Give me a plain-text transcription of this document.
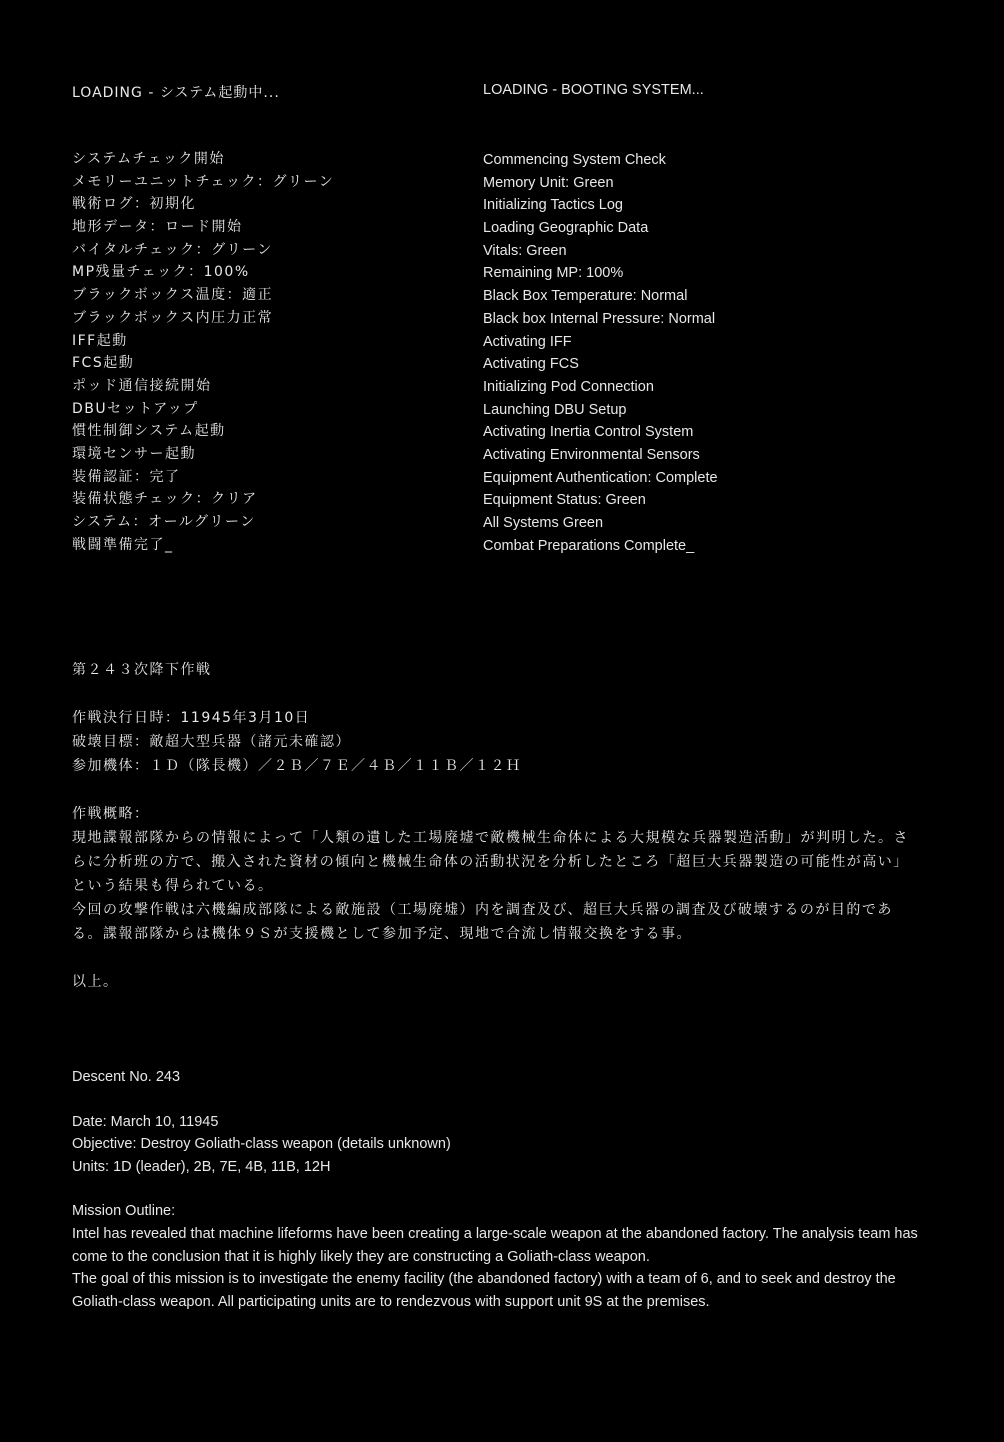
LOADING - システム起動中...	LOADING - BOOTING SYSTEM...
システムチェック開始
メモリーユニットチェック：グリーン
戦術ログ：初期化
地形データ：ロード開始
バイタルチェック：グリーン
MP残量チェック：100%
ブラックボックス温度：適正
ブラックボックス内圧力正常
IFF起動
FCS起動
ポッド通信接続開始
DBUセットアップ
慣性制御システム起動
環境センサー起動
装備認証：完了
装備状態チェック：クリア
システム：オールグリーン
戦闘準備完了_
Commencing System Check
Memory Unit: Green
Initializing Tactics Log
Loading Geographic Data
Vitals: Green
Remaining MP: 100%
Black Box Temperature: Normal
Black box Internal Pressure: Normal
Activating IFF
Activating FCS
Initializing Pod Connection
Launching DBU Setup
Activating Inertia Control System
Activating Environmental Sensors
Equipment Authentication: Complete
Equipment Status: Green
All Systems Green
Combat Preparations Complete_

第２４３次降下作戦

作戦決行日時：11945年3月10日

破壊目標：敵超大型兵器（諸元未確認）

参加機体：１Ｄ（隊長機）／２Ｂ／７Ｅ／４Ｂ／１１Ｂ／１２Ｈ

作戦概略：

現地諜報部隊からの情報によって「人類の遺した工場廃墟で敵機械生命体による大規模な兵器製造活動」が判明した。さらに分析班の方で、搬入された資材の傾向と機械生命体の活動状況を分析したところ「超巨大兵器製造の可能性が高い」という結果も得られている。

今回の攻撃作戦は六機編成部隊による敵施設（工場廃墟）内を調査及び、超巨大兵器の調査及び破壊するのが目的である。諜報部隊からは機体９Ｓが支援機として参加予定、現地で合流し情報交換をする事。

以上。

Descent No. 243

Date: March 10, 11945

Objective: Destroy Goliath-class weapon (details unknown)

Units: 1D (leader), 2B, 7E, 4B, 11B, 12H

Mission Outline:

Intel has revealed that machine lifeforms have been creating a large-scale weapon at the abandoned factory. The analysis team has come to the conclusion that it is highly likely they are constructing a Goliath-class weapon.

The goal of this mission is to investigate the enemy facility (the abandoned factory) with a team of 6, and to seek and destroy the Goliath-class weapon. All participating units are to rendezvous with support unit 9S at the premises.
